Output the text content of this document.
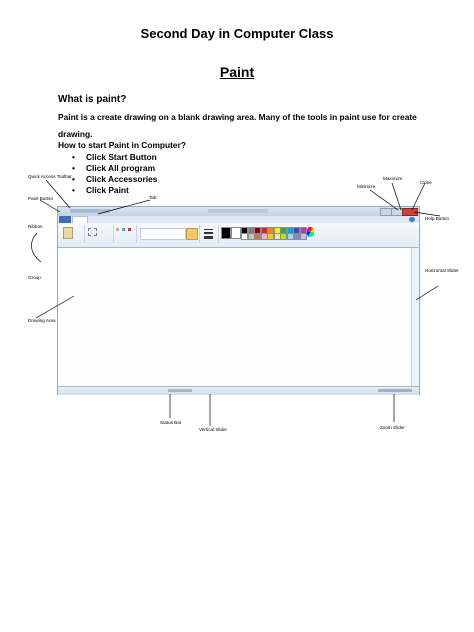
Second Day in Computer Class
Paint
What is paint?
Paint is a create drawing on a blank drawing area. Many of the tools in paint use for create drawing.
How to start Paint in Computer?
• Click Start Button
• Click All program
• Click Accessories
• Click Paint
Quick Access Toolbar
Paint Button	Tab
Ribbon
Group
Drawing Area
Minimize
Maximize
Close
Help Button
Horizontal Slider
Status Bar
Vertical Slider	Zoom Slider
